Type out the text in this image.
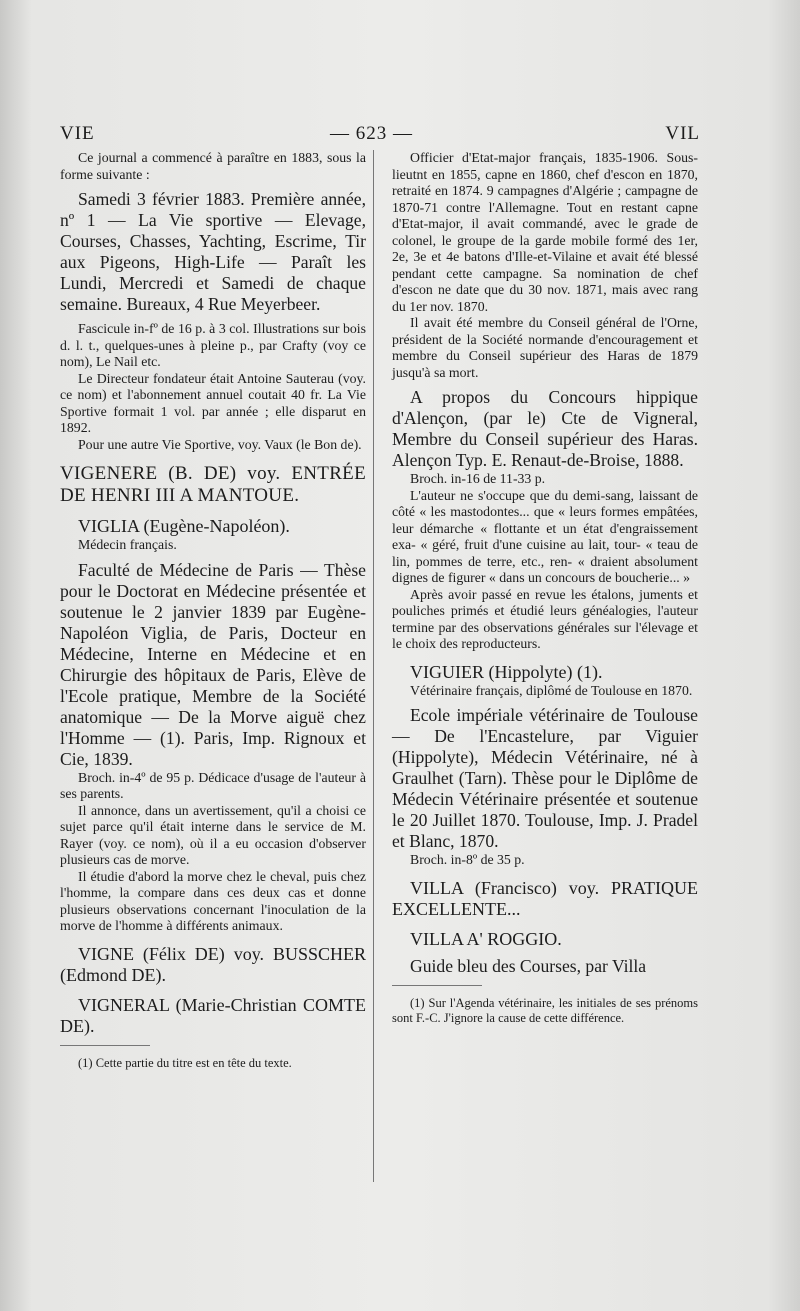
VIE	— 623 —	VIL

Ce journal a commencé à paraître en 1883, sous la forme suivante :

Samedi 3 février 1883. Première année, nº 1 — La Vie sportive — Elevage, Courses, Chasses, Yachting, Escrime, Tir aux Pigeons, High-Life — Paraît les Lundi, Mercredi et Samedi de chaque semaine. Bureaux, 4 Rue Meyerbeer.

Fascicule in-fº de 16 p. à 3 col. Illustrations sur bois d. l. t., quelques-unes à pleine p., par Crafty (voy ce nom), Le Nail etc.

Le Directeur fondateur était Antoine Sauterau (voy. ce nom) et l'abonnement annuel coutait 40 fr. La Vie Sportive formait 1 vol. par année ; elle disparut en 1892.

Pour une autre Vie Sportive, voy. Vaux (le Bon de).

VIGENERE (B. DE) voy. ENTRÉE DE HENRI III A MANTOUE.

VIGLIA (Eugène-Napoléon).

Médecin français.

Faculté de Médecine de Paris — Thèse pour le Doctorat en Médecine présentée et soutenue le 2 janvier 1839 par Eugène-Napoléon Viglia, de Paris, Docteur en Médecine, Interne en Médecine et en Chirurgie des hôpitaux de Paris, Elève de l'Ecole pratique, Membre de la Société anatomique — De la Morve aiguë chez l'Homme — (1). Paris, Imp. Rignoux et Cie, 1839.

Broch. in-4º de 95 p. Dédicace d'usage de l'auteur à ses parents.

Il annonce, dans un avertissement, qu'il a choisi ce sujet parce qu'il était interne dans le service de M. Rayer (voy. ce nom), où il a eu occasion d'observer plusieurs cas de morve.

Il étudie d'abord la morve chez le cheval, puis chez l'homme, la compare dans ces deux cas et donne plusieurs observations concernant l'inoculation de la morve de l'homme à différents animaux.

VIGNE (Félix DE) voy. BUSSCHER (Edmond DE).

VIGNERAL (Marie-Christian COMTE DE).

(1) Cette partie du titre est en tête du texte.

Officier d'Etat-major français, 1835-1906. Sous-lieutnt en 1855, capne en 1860, chef d'escon en 1870, retraité en 1874. 9 campagnes d'Algérie ; campagne de 1870-71 contre l'Allemagne. Tout en restant capne d'Etat-major, il avait commandé, avec le grade de colonel, le groupe de la garde mobile formé des 1er, 2e, 3e et 4e batons d'Ille-et-Vilaine et avait été blessé pendant cette campagne. Sa nomination de chef d'escon ne date que du 30 nov. 1871, mais avec rang du 1er nov. 1870.

Il avait été membre du Conseil général de l'Orne, président de la Société normande d'encouragement et membre du Conseil supérieur des Haras de 1879 jusqu'à sa mort.

A propos du Concours hippique d'Alençon, (par le) Cte de Vigneral, Membre du Conseil supérieur des Haras. Alençon Typ. E. Renaut-de-Broise, 1888.

Broch. in-16 de 11-33 p.

L'auteur ne s'occupe que du demi-sang, laissant de côté « les mastodontes... que « leurs formes empâtées, leur démarche « flottante et un état d'engraissement exa- « géré, fruit d'une cuisine au lait, tour- « teau de lin, pommes de terre, etc., ren- « draient absolument dignes de figurer « dans un concours de boucherie... »

Après avoir passé en revue les étalons, juments et pouliches primés et étudié leurs généalogies, l'auteur termine par des observations générales sur l'élevage et le choix des reproducteurs.

VIGUIER (Hippolyte) (1).

Vétérinaire français, diplômé de Toulouse en 1870.

Ecole impériale vétérinaire de Toulouse — De l'Encastelure, par Viguier (Hippolyte), Médecin Vétérinaire, né à Graulhet (Tarn). Thèse pour le Diplôme de Médecin Vétérinaire présentée et soutenue le 20 Juillet 1870. Toulouse, Imp. J. Pradel et Blanc, 1870.

Broch. in-8º de 35 p.

VILLA (Francisco) voy. PRATIQUE EXCELLENTE...

VILLA A' ROGGIO.

Guide bleu des Courses, par Villa

(1) Sur l'Agenda vétérinaire, les initiales de ses prénoms sont F.-C. J'ignore la cause de cette différence.
